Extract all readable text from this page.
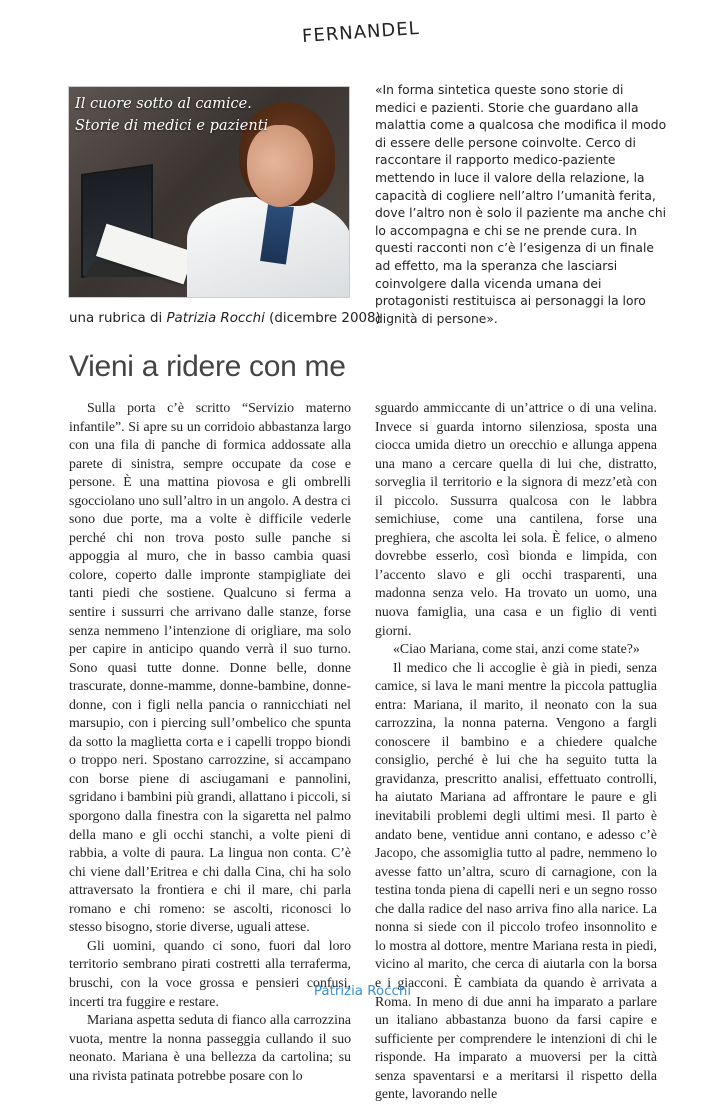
FERNANDEL
Il cuore sotto al camice.
Storie di medici e pazienti
«In forma sintetica queste sono storie di medici e pazienti. Storie che guardano alla malattia come a qualcosa che modifica il modo di essere delle persone coinvolte. Cerco di raccontare il rapporto medico-paziente mettendo in luce il valore della relazione, la capacità di cogliere nell’altro l’umanità ferita, dove l’altro non è solo il paziente ma anche chi lo accompagna e chi se ne prende cura. In questi racconti non c’è l’esigenza di un finale ad effetto, ma la speranza che lasciarsi coinvolgere dalla vicenda umana dei protagonisti restituisca ai personaggi la loro dignità di persone».
una rubrica di Patrizia Rocchi (dicembre 2008)
Vieni a ridere con me

Sulla porta c’è scritto “Servizio materno infantile”. Si apre su un corridoio abbastanza largo con una fila di panche di formica addossate alla parete di sinistra, sempre occupate da cose e persone. È una mattina piovosa e gli ombrelli sgocciolano uno sull’altro in un angolo. A destra ci sono due porte, ma a volte è difficile vederle perché chi non trova posto sulle panche si appoggia al muro, che in basso cambia quasi colore, coperto dalle impronte stampigliate dei tanti piedi che sostiene. Qualcuno si ferma a sentire i sussurri che arrivano dalle stanze, forse senza nemmeno l’intenzione di origliare, ma solo per capire in anticipo quando verrà il suo turno. Sono quasi tutte donne. Donne belle, donne trascurate, donne-mamme, donne-bambine, donne-donne, con i figli nella pancia o rannicchiati nel marsupio, con i piercing sull’ombelico che spunta da sotto la maglietta corta e i capelli troppo biondi o troppo neri. Spostano carrozzine, si accampano con borse piene di asciugamani e pannolini, sgridano i bambini più grandi, allattano i piccoli, si sporgono dalla finestra con la sigaretta nel palmo della mano e gli occhi stanchi, a volte pieni di rabbia, a volte di paura. La lingua non conta. C’è chi viene dall’Eritrea e chi dalla Cina, chi ha solo attraversato la frontiera e chi il mare, chi parla romano e chi romeno: se ascolti, riconosci lo stesso bisogno, storie diverse, uguali attese.

Gli uomini, quando ci sono, fuori dal loro territorio sembrano pirati costretti alla terraferma, bruschi, con la voce grossa e pensieri confusi, incerti tra fuggire e restare.

Mariana aspetta seduta di fianco alla carrozzina vuota, mentre la nonna passeggia cullando il suo neonato. Mariana è una bellezza da cartolina; su una rivista patinata potrebbe posare con lo

sguardo ammiccante di un’attrice o di una velina. Invece si guarda intorno silenziosa, sposta una ciocca umida dietro un orecchio e allunga appena una mano a cercare quella di lui che, distratto, sorveglia il territorio e la signora di mezz’età con il piccolo. Sussurra qualcosa con le labbra semichiuse, come una cantilena, forse una preghiera, che ascolta lei sola. È felice, o almeno dovrebbe esserlo, così bionda e limpida, con l’accento slavo e gli occhi trasparenti, una madonna senza velo. Ha trovato un uomo, una nuova famiglia, una casa e un figlio di venti giorni.

«Ciao Mariana, come stai, anzi come state?»

Il medico che li accoglie è già in piedi, senza camice, si lava le mani mentre la piccola pattuglia entra: Mariana, il marito, il neonato con la sua carrozzina, la nonna paterna. Vengono a fargli conoscere il bambino e a chiedere qualche consiglio, perché è lui che ha seguito tutta la gravidanza, prescritto analisi, effettuato controlli, ha aiutato Mariana ad affrontare le paure e gli inevitabili problemi degli ultimi mesi. Il parto è andato bene, ventidue anni contano, e adesso c’è Jacopo, che assomiglia tutto al padre, nemmeno lo avesse fatto un’altra, scuro di carnagione, con la testina tonda piena di capelli neri e un segno rosso che dalla radice del naso arriva fino alla narice. La nonna si siede con il piccolo trofeo insonnolito e lo mostra al dottore, mentre Mariana resta in piedi, vicino al marito, che cerca di aiutarla con la borsa e i giacconi. È cambiata da quando è arrivata a Roma. In meno di due anni ha imparato a parlare un italiano abbastanza buono da farsi capire e sufficiente per comprendere le intenzioni di chi le risponde. Ha imparato a muoversi per la città senza spaventarsi e a meritarsi il rispetto della gente, lavorando nelle

Patrizia Rocchi
